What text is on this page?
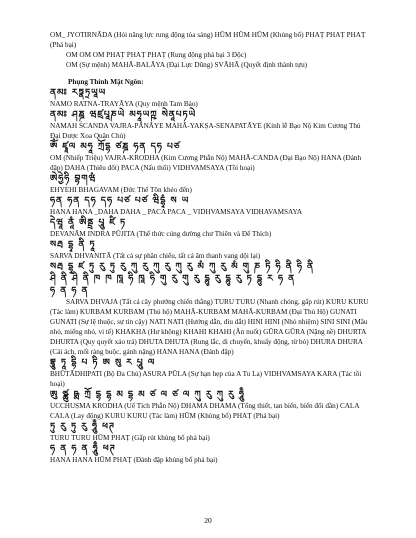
OM_ JYOTIRNĀDA (Hỏi năng lực rung động tỏa sáng) HŪM HŪM HŪM (Khủng bố) PHAṬ PHAṬ PHAṬ (Phá bại)

OM OM OM PHAṬ PHAṬ PHAṬ (Rung động phá bại 3 Độc)

OM (Sự mệnh) MAHĀ-BALĀYA (Đại Lực Dũng) SVĀHĀ (Quyết định thành tựu)

Phụng Thỉnh Mật Ngôn:

ནམཿ རཏྣཏྲཡཱཡ

NAMO RATNA-TRAYĀYA (Quy mệnh Tam Bảo)

ནམཿ ཤཎྜ ཝཛྲཔཱཎཡེ མཧཱཡཀྵ སེནཱཔཏཡེ

NAMAH ŚCANDA VAJRA-PĀNĀYE MAHĀ-YAKṢA-SENAPATĀYE (Kính lễ Bạo Nộ Kim Cương Thủ Đại Dược Xoa Quân Chủ)

ཨོཾ ཛྭཱལ མཧཱ ཀྲོདྷ ཙཎྜ ཧན དཧ པཙ

OM (Nhiếp Triệu) VAJRA-KRODHA (Kim Cương Phẫn Nộ) MAHĀ-CANDA (Đại Bạo Nộ) HANA (Đánh đập) DAHA (Thiêu đốt) PACA (Nấu thổi) VIDHVAMSAYA (Tồi hoại)

ཨེཧྱེཧི བྷགཝཾ

EHYEHI BHAGAVAM (Đức Thế Tôn khéo đến)

ཧན ཧན དཧ དཧ པཙ པཙ ཝིདྷྭཾ ས ཡ

HANA HANA _DAHA DAHA _ PACA PACA _ VIDHVAMSAYA VIDHAVAMSAYA

དེཝཱ ནཱཾ ཨིནྡྲ པཱུ ཛི ཏ

DEVANĀM INDRA PŪJITA (Thế thức cúng dường chư Thiên và Đế Thích)

སརྦ དྷྭ ནི ཏཱ

SARVA DHVANITĀ (Tất cả sự phân chiếu, tất cả âm thanh vang dội lại)

སརྦ དྷྭ ཛ ཏུ རུ ཏུ རུ ཀུ རུ ཀུ རུ ཀུ རུ མཾ ཀུ རུ མཾ གུ ཎ ཏི ཧི ནི ཧི ནི

ཤི ནི ཤི ནི ཁ ཁ ཁཱ ཧི ཁཱ ཧི གུ རུ གུ རུ དྷུ རུ དྷུ རུ ཏ དྷུ ར ཧ ན

ཧ ན ཧ ན

SARVA DHVAJA (Tất cả cây phướng chiến thắng) TURU TURU (Nhanh chóng, gấp rút) KURU KURU (Tác làm) KURBAM KURBAM (Thủ hộ) MAHĀ-KURBAM MAHĀ-KURBAM (Đại Thủ Hộ) GUNATI GUNATI (Sự lệ thuộc, sự tin cậy) NATI NATI (Hướng dẫn, dìu dắt) HINI HINI (Nhỏ nhiệm) SINI SINI (Mầu nhỏ, miếng nhỏ, vi tế) KHAKHA (Hư không) KHAHI KHAHI (Ăn nuốt) GŪRA GŪRA (Nặng nề) DHURTA DHURTA (Quy quyết xảo trá) DHUTA DHUTA (Rung lắc, di chuyển, khuấy động, từ bỏ) DHURA DHURA (Cái ách, mối ràng buộc, gánh nặng) HANA HANA (Đánh đập)

བྷཱུ ཏཱ དྷི པ ཏི ཨ སུ ར པཱུ ལ

BHŪTĀDHIPATI (Bộ Đa Chủ) ASURA PŪLA (Sự hạn hẹp của A Tu La) VIDHVAMSAYA KARA (Tác tồi hoại)

ཨུ ཙྪུ ཥྨ ཀྲོ དྷ དྷ མ དྷ མ ཙ ལ ཙ ལ ཀུ རུ ཀུ རུ ཧཱུྃ

UCCHUṢMA KRODHA (Uế Tích Phẫn Nộ) DHAMA DHAMA (Tổng thiết, tan biến, biến đổi dần) CALA CALA (Lay động) KURU KURU (Tác làm) HŪM (Khủng bố) PHAṬ (Phá bại)

ཏུ རུ ཏུ རུ ཧཱུྃ ཕཊ

TURU TURU HŪM PHAṬ (Gấp rút khủng bố phá bại)

ཧ ན ཧ ན ཧཱུྃ ཕཊ

HANA HANA HŪM PHAṬ (Đánh đập khủng bố phá bại)

20
